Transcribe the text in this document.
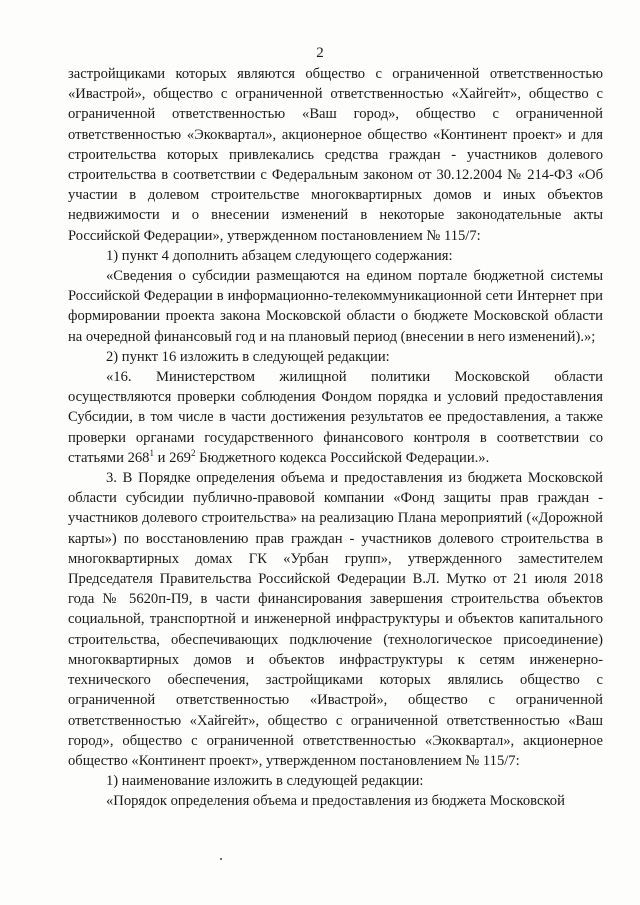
2

застройщиками которых являются общество с ограниченной ответственностью «Ивастрой», общество с ограниченной ответственностью «Хайгейт», общество с ограниченной ответственностью «Ваш город», общество с ограниченной ответственностью «Экоквартал», акционерное общество «Континент проект» и для строительства которых привлекались средства граждан - участников долевого строительства в соответствии с Федеральным законом от 30.12.2004 № 214-ФЗ «Об участии в долевом строительстве многоквартирных домов и иных объектов недвижимости и о внесении изменений в некоторые законодательные акты Российской Федерации», утвержденном постановлением № 115/7:

1) пункт 4 дополнить абзацем следующего содержания:

«Сведения о субсидии размещаются на едином портале бюджетной системы Российской Федерации в информационно-телекоммуникационной сети Интернет при формировании проекта закона Московской области о бюджете Московской области на очередной финансовый год и на плановый период (внесении в него изменений).»;

2) пункт 16 изложить в следующей редакции:

«16. Министерством жилищной политики Московской области осуществляются проверки соблюдения Фондом порядка и условий предоставления Субсидии, в том числе в части достижения результатов ее предоставления, а также проверки органами государственного финансового контроля в соответствии со статьями $268^1$ и $269^2$ Бюджетного кодекса Российской Федерации.».

3. В Порядке определения объема и предоставления из бюджета Московской области субсидии публично-правовой компании «Фонд защиты прав граждан - участников долевого строительства» на реализацию Плана мероприятий («Дорожной карты») по восстановлению прав граждан - участников долевого строительства в многоквартирных домах ГК «Урбан групп», утвержденного заместителем Председателя Правительства Российской Федерации В.Л. Мутко от 21 июля 2018 года № 5620п-П9, в части финансирования завершения строительства объектов социальной, транспортной и инженерной инфраструктуры и объектов капитального строительства, обеспечивающих подключение (технологическое присоединение) многоквартирных домов и объектов инфраструктуры к сетям инженерно-технического обеспечения, застройщиками которых являлись общество с ограниченной ответственностью «Ивастрой», общество с ограниченной ответственностью «Хайгейт», общество с ограниченной ответственностью «Ваш город», общество с ограниченной ответственностью «Экоквартал», акционерное общество «Континент проект», утвержденном постановлением № 115/7:

1) наименование изложить в следующей редакции:

«Порядок определения объема и предоставления из бюджета Московской
